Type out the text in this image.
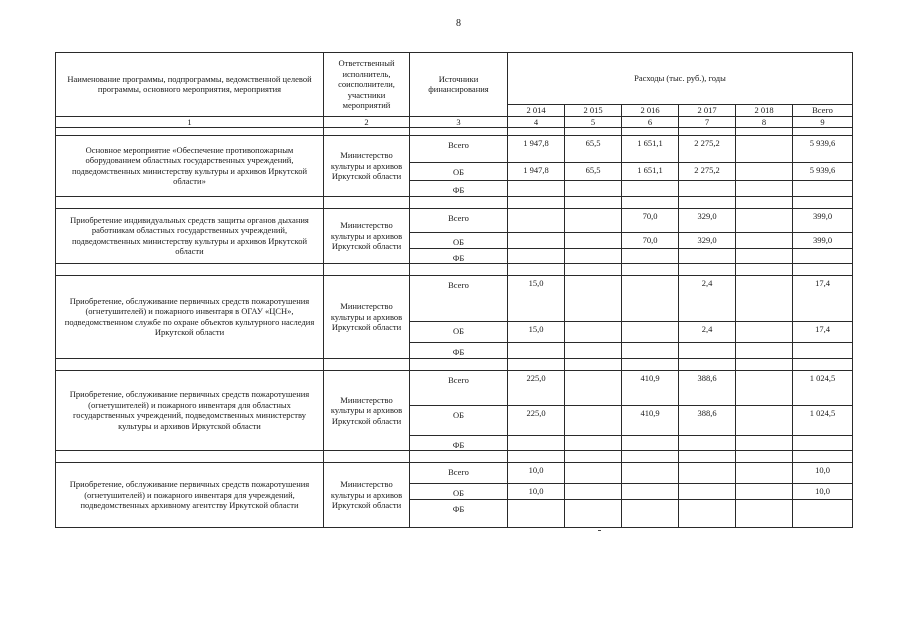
8
Наименование программы, подпрограммы, ведомственной целевой программы, основного мероприятия, мероприятия	Ответственный исполнитель, соисполнители, участники мероприятий	Источники финансирования	Расходы (тыс. руб.), годы					
			2 014	2 015	2 016	2 017	2 018	Всего
1	2	3	4	5	6	7	8	9

Основное мероприятие «Обеспечение противопожарным оборудованием областных государственных учреждений, подведомственных министерству культуры и архивов Иркутской области»	Министерство культуры и архивов Иркутской области	Всего	1 947,8	65,5	1 651,1	2 275,2		5 939,6
		ОБ	1 947,8	65,5	1 651,1	2 275,2		5 939,6
		ФБ						

Приобретение индивидуальных средств защиты органов дыхания работникам областных государственных учреждений, подведомственных министерству культуры и архивов Иркутской области	Министерство культуры и архивов Иркутской области	Всего			70,0	329,0		399,0
		ОБ			70,0	329,0		399,0
		ФБ						

Приобретение, обслуживание первичных средств пожаротушения (огнетушителей) и пожарного инвентаря в ОГАУ «ЦСН», подведомственном службе по охране объектов культурного наследия Иркутской области	Министерство культуры и архивов Иркутской области	Всего	15,0			2,4		17,4
		ОБ	15,0			2,4		17,4
		ФБ						

Приобретение, обслуживание первичных средств пожаротушения (огнетушителей) и пожарного инвентаря для областных государственных учреждений, подведомственных министерству культуры и архивов Иркутской области	Министерство культуры и архивов Иркутской области	Всего	225,0		410,9	388,6		1 024,5
		ОБ	225,0		410,9	388,6		1 024,5
		ФБ						

Приобретение, обслуживание первичных средств пожаротушения (огнетушителей) и пожарного инвентаря для учреждений, подведомственных архивному агентству Иркутской области	Министерство культуры и архивов Иркутской области	Всего	10,0					10,0
		ОБ	10,0					10,0
		ФБ						
